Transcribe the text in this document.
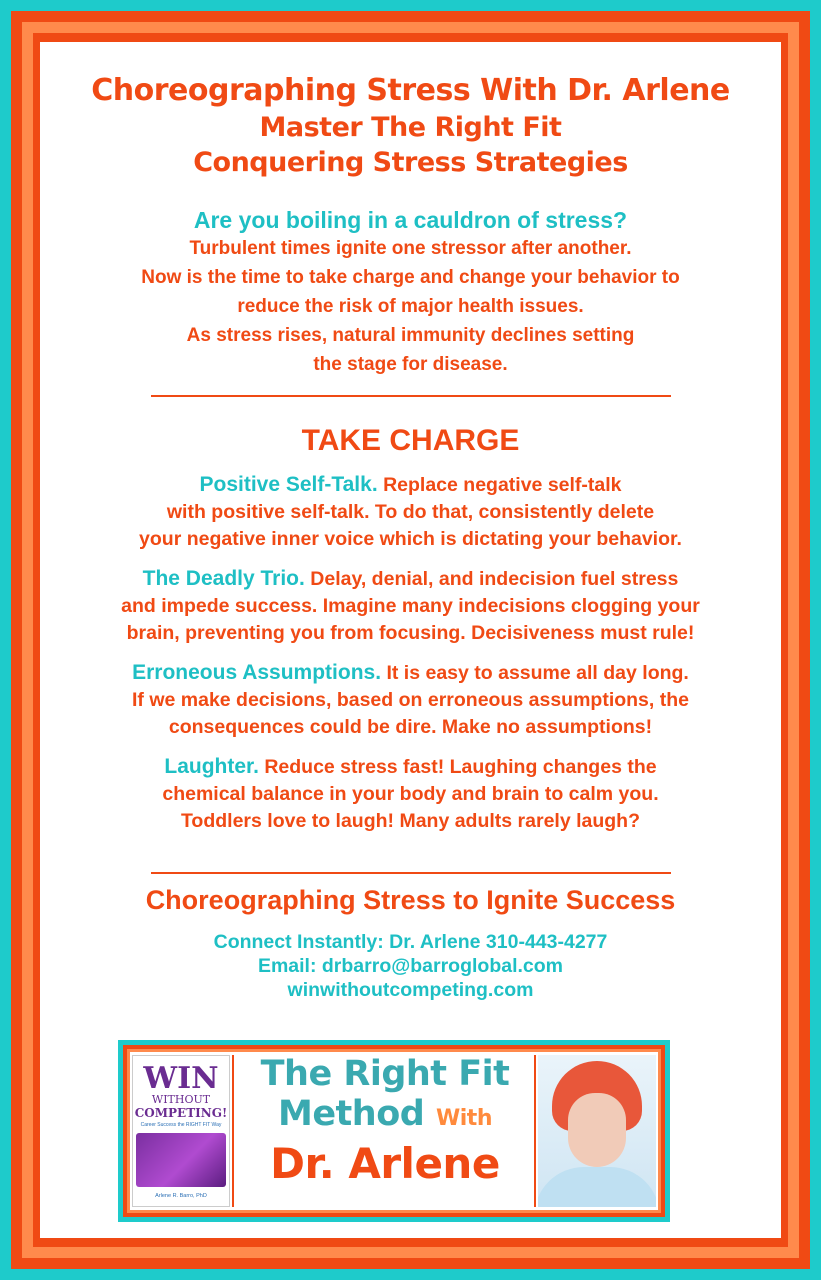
Choreographing Stress With Dr. Arlene
Master The Right Fit
Conquering Stress Strategies

Are you boiling in a cauldron of stress?

Turbulent times ignite one stressor after another.

Now is the time to take charge and change your behavior to

reduce the risk of major health issues.

As stress rises, natural immunity declines setting

the stage for disease.

TAKE CHARGE

Positive Self-Talk. Replace negative self-talk
with positive self-talk. To do that, consistently delete
your negative inner voice which is dictating your behavior.

The Deadly Trio. Delay, denial, and indecision fuel stress
and impede success. Imagine many indecisions clogging your
brain, preventing you from focusing. Decisiveness must rule!

Erroneous Assumptions. It is easy to assume all day long.
If we make decisions, based on erroneous assumptions, the
consequences could be dire. Make no assumptions!

Laughter. Reduce stress fast! Laughing changes the
chemical balance in your body and brain to calm you.
Toddlers love to laugh! Many adults rarely laugh?

Choreographing Stress to Ignite Success

Connect Instantly: Dr. Arlene 310-443-4277
Email: drbarro@barroglobal.com
winwithoutcompeting.com

WIN
WITHOUT
COMPETING!
Career Success the RIGHT FIT Way
Arlene R. Barro, PhD
The Right Fit
Method With
Dr. Arlene
